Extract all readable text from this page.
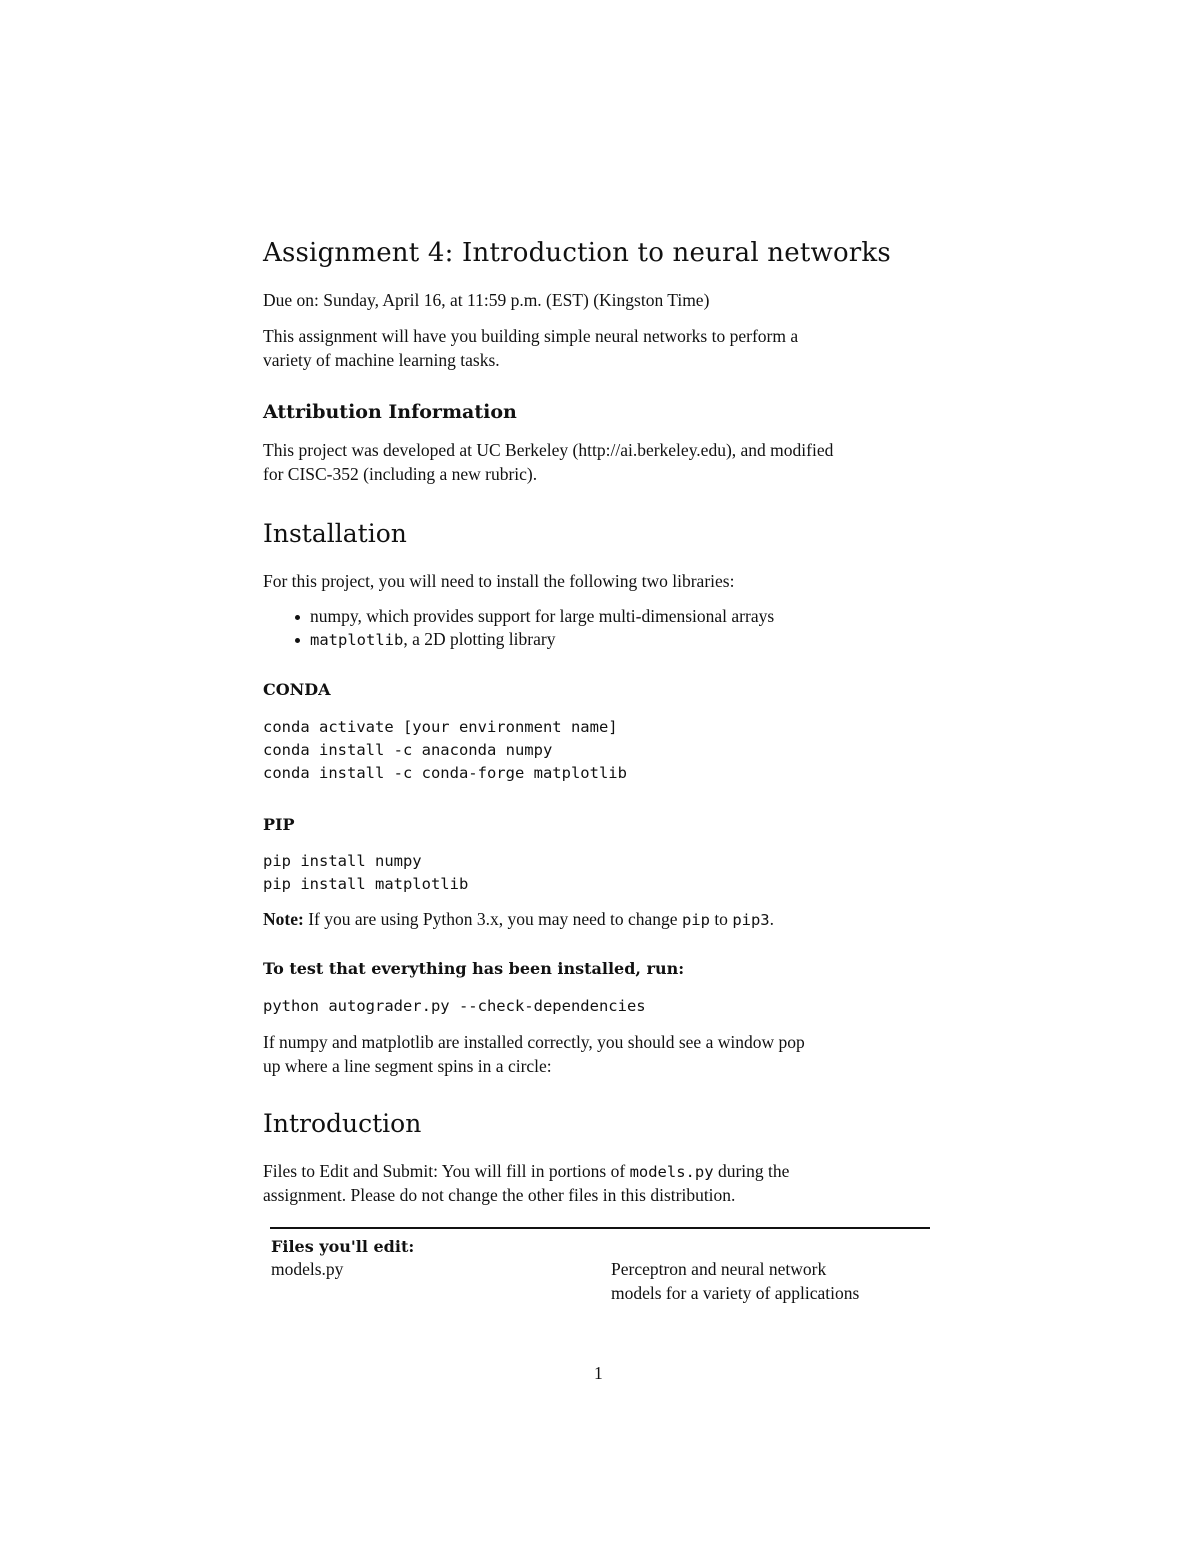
Assignment 4: Introduction to neural networks
Due on: Sunday, April 16, at 11:59 p.m. (EST) (Kingston Time)
This assignment will have you building simple neural networks to perform a
variety of machine learning tasks.
Attribution Information
This project was developed at UC Berkeley (http://ai.berkeley.edu), and modified
for CISC-352 (including a new rubric).
Installation
For this project, you will need to install the following two libraries:
numpy, which provides support for large multi-dimensional arrays
matplotlib, a 2D plotting library
CONDA
conda activate [your environment name]
conda install -c anaconda numpy
conda install -c conda-forge matplotlib
PIP
pip install numpy
pip install matplotlib
Note: If you are using Python 3.x, you may need to change pip to pip3.
To test that everything has been installed, run:
python autograder.py --check-dependencies
If numpy and matplotlib are installed correctly, you should see a window pop
up where a line segment spins in a circle:
Introduction
Files to Edit and Submit: You will fill in portions of models.py during the
assignment. Please do not change the other files in this distribution.
Files you'll edit:
models.py	Perceptron and neural network
models for a variety of applications
1
